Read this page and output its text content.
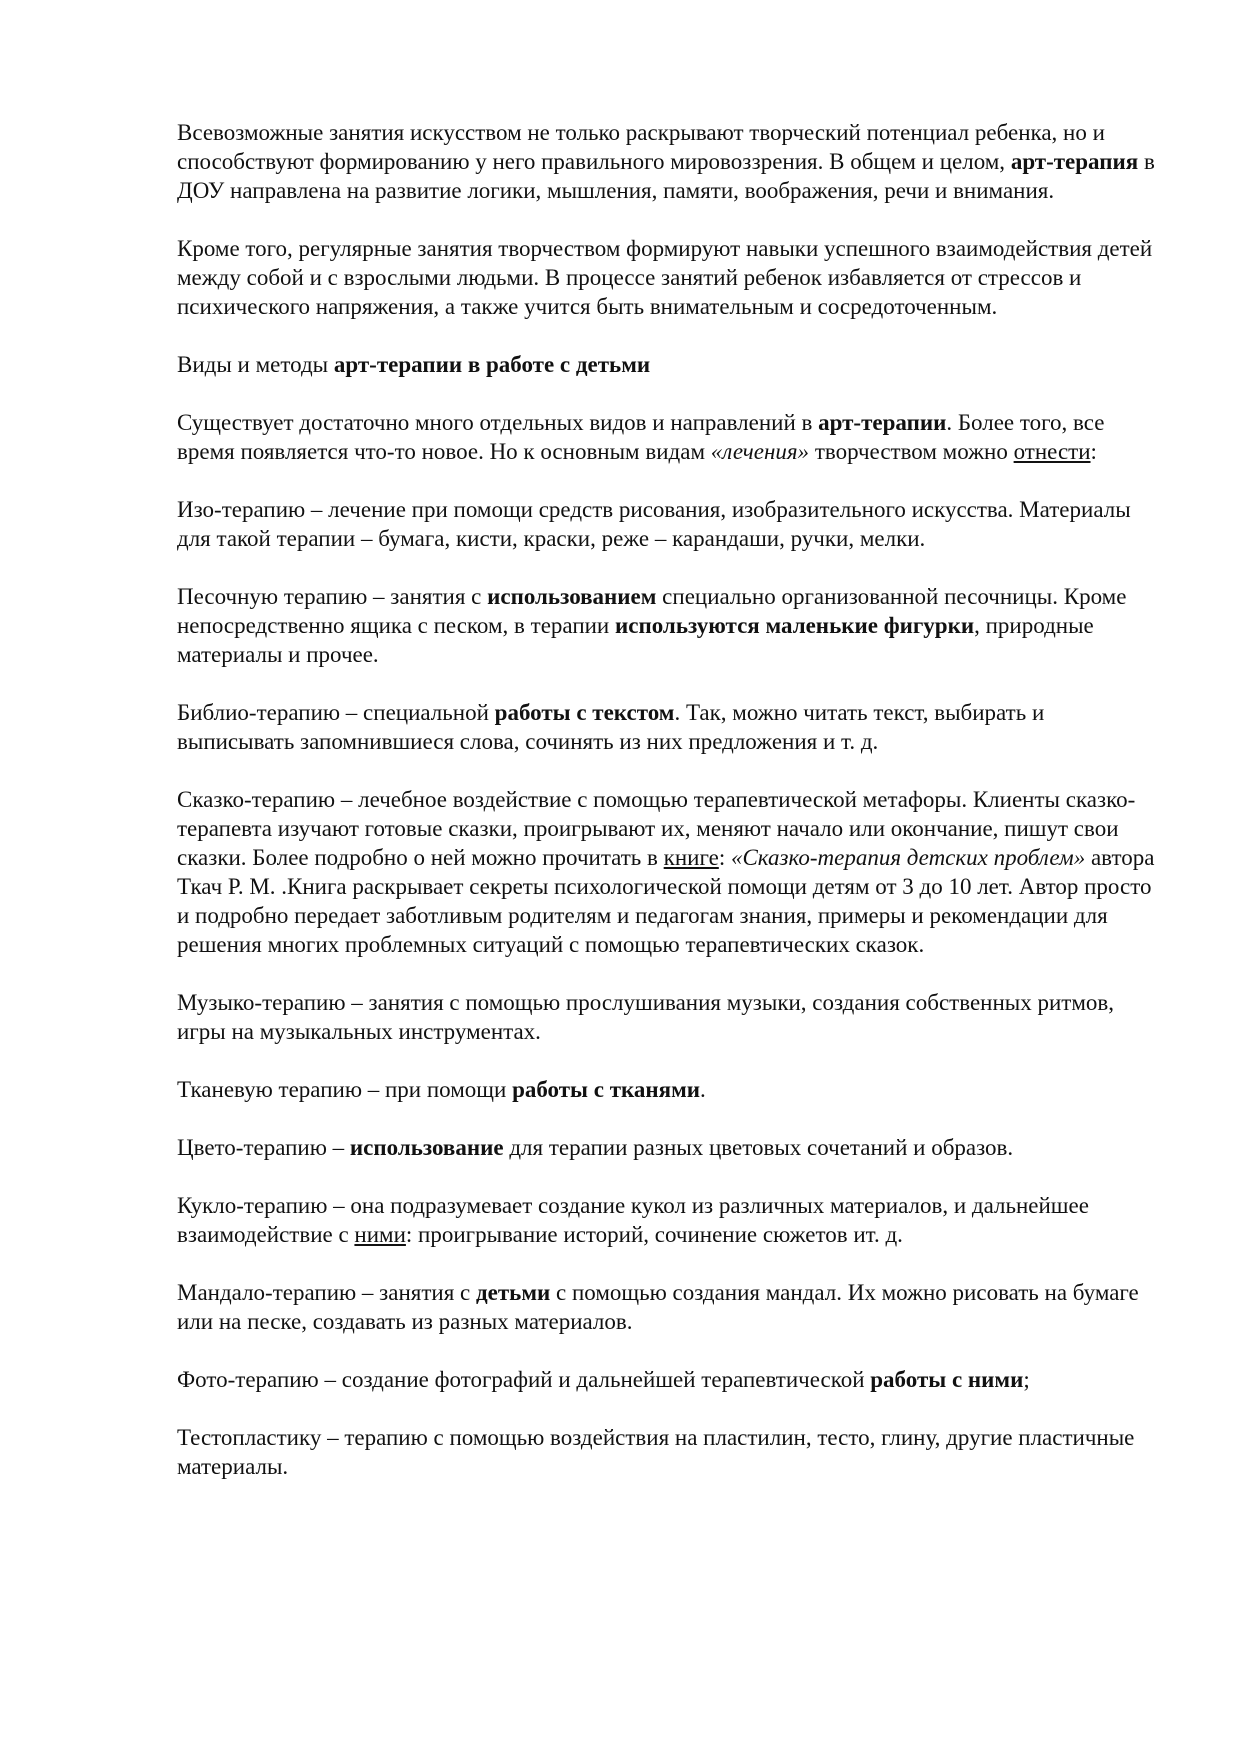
Всевозможные занятия искусством не только раскрывают творческий потенциал ребенка, но и способствуют формированию у него правильного мировоззрения. В общем и целом, арт-терапия в ДОУ направлена на развитие логики, мышления, памяти, воображения, речи и внимания.

Кроме того, регулярные занятия творчеством формируют навыки успешного взаимодействия детей между собой и с взрослыми людьми. В процессе занятий ребенок избавляется от стрессов и психического напряжения, а также учится быть внимательным и сосредоточенным.

Виды и методы арт-терапии в работе с детьми

Существует достаточно много отдельных видов и направлений в арт-терапии. Более того, все время появляется что-то новое. Но к основным видам «лечения» творчеством можно отнести:

Изо-терапию – лечение при помощи средств рисования, изобразительного искусства. Материалы для такой терапии – бумага, кисти, краски, реже – карандаши, ручки, мелки.

Песочную терапию – занятия с использованием специально организованной песочницы. Кроме непосредственно ящика с песком, в терапии используются маленькие фигурки, природные материалы и прочее.

Библио-терапию – специальной работы с текстом. Так, можно читать текст, выбирать и выписывать запомнившиеся слова, сочинять из них предложения и т. д.

Сказко-терапию – лечебное воздействие с помощью терапевтической метафоры. Клиенты сказко-терапевта изучают готовые сказки, проигрывают их, меняют начало или окончание, пишут свои сказки. Более подробно о ней можно прочитать в книге: «Сказко-терапия детских проблем» автора Ткач Р. М. .Книга раскрывает секреты психологической помощи детям от 3 до 10 лет. Автор просто и подробно передает заботливым родителям и педагогам знания, примеры и рекомендации для решения многих проблемных ситуаций с помощью терапевтических сказок.

Музыко-терапию – занятия с помощью прослушивания музыки, создания собственных ритмов, игры на музыкальных инструментах.

Тканевую терапию – при помощи работы с тканями.

Цвето-терапию – использование для терапии разных цветовых сочетаний и образов.

Кукло-терапию – она подразумевает создание кукол из различных материалов, и дальнейшее взаимодействие с ними: проигрывание историй, сочинение сюжетов ит. д.

Мандало-терапию – занятия с детьми с помощью создания мандал. Их можно рисовать на бумаге или на песке, создавать из разных материалов.

Фото-терапию – создание фотографий и дальнейшей терапевтической работы с ними;

Тестопластику – терапию с помощью воздействия на пластилин, тесто, глину, другие пластичные материалы.
